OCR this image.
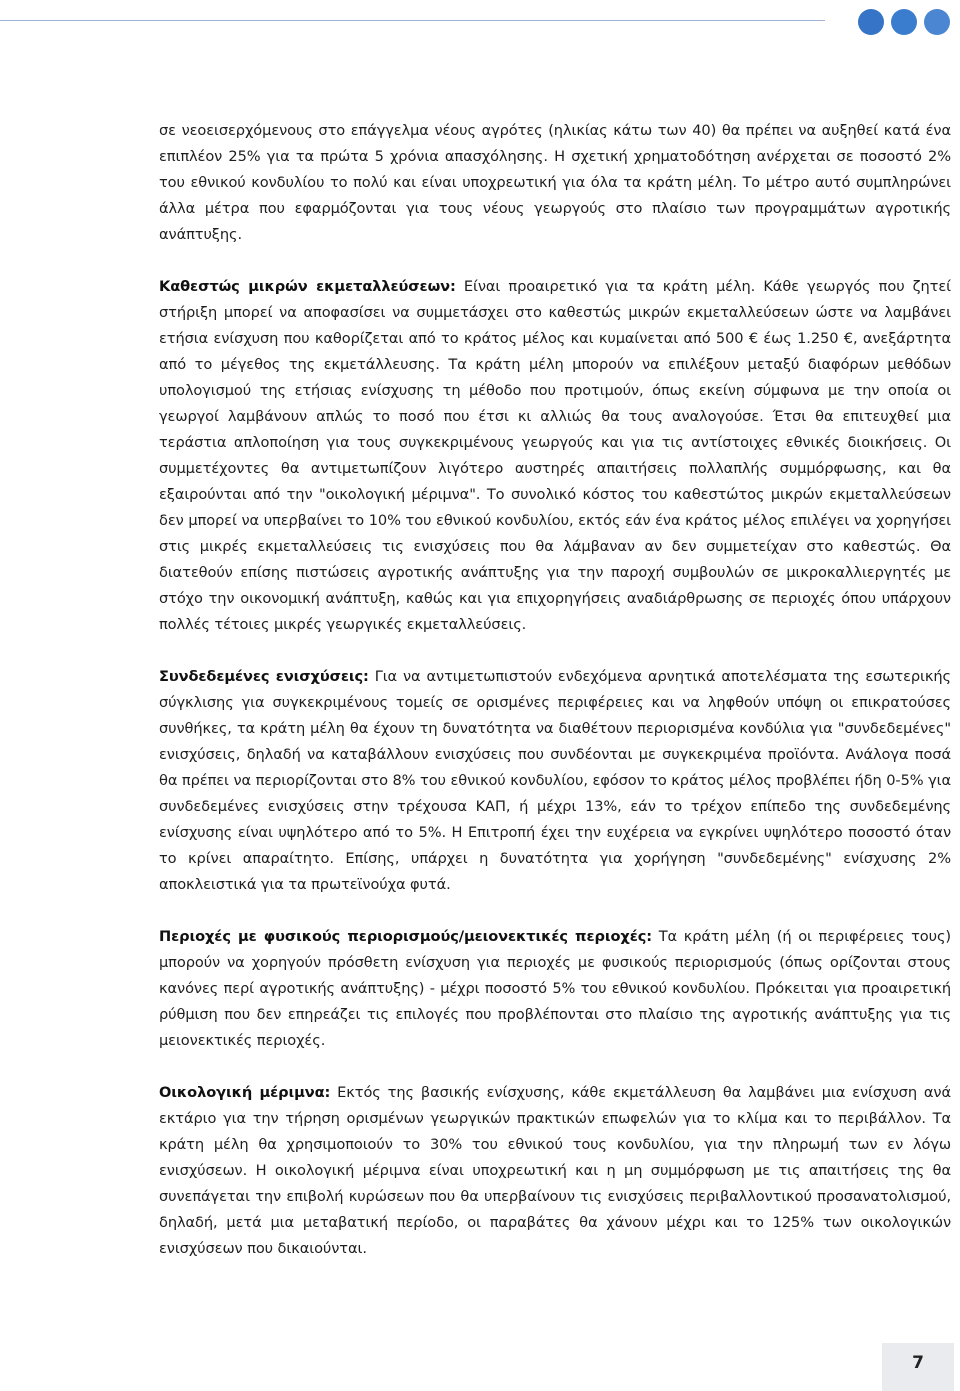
σε νεοεισερχόμενους στο επάγγελμα νέους αγρότες (ηλικίας κάτω των 40) θα πρέπει να αυξηθεί κατά ένα επιπλέον 25% για τα πρώτα 5 χρόνια απασχόλησης. Η σχετική χρηματοδότηση ανέρχεται σε ποσοστό 2% του εθνικού κονδυλίου το πολύ και είναι υποχρεωτική για όλα τα κράτη μέλη. Το μέτρο αυτό συμπληρώνει άλλα μέτρα που εφαρμόζονται για τους νέους γεωργούς στο πλαίσιο των προγραμμάτων αγροτικής ανάπτυξης.

Καθεστώς μικρών εκμεταλλεύσεων: Είναι προαιρετικό για τα κράτη μέλη. Κάθε γεωργός που ζητεί στήριξη μπορεί να αποφασίσει να συμμετάσχει στο καθεστώς μικρών εκμεταλλεύσεων ώστε να λαμβάνει ετήσια ενίσχυση που καθορίζεται από το κράτος μέλος και κυμαίνεται από 500 € έως 1.250 €, ανεξάρτητα από το μέγεθος της εκμετάλλευσης. Τα κράτη μέλη μπορούν να επιλέξουν μεταξύ διαφόρων μεθόδων υπολογισμού της ετήσιας ενίσχυσης τη μέθοδο που προτιμούν, όπως εκείνη σύμφωνα με την οποία οι γεωργοί λαμβάνουν απλώς το ποσό που έτσι κι αλλιώς θα τους αναλογούσε. Έτσι θα επιτευχθεί μια τεράστια απλοποίηση για τους συγκεκριμένους γεωργούς και για τις αντίστοιχες εθνικές διοικήσεις. Οι συμμετέχοντες θα αντιμετωπίζουν λιγότερο αυστηρές απαιτήσεις πολλαπλής συμμόρφωσης, και θα εξαιρούνται από την "οικολογική μέριμνα". Το συνολικό κόστος του καθεστώτος μικρών εκμεταλλεύσεων δεν μπορεί να υπερβαίνει το 10% του εθνικού κονδυλίου, εκτός εάν ένα κράτος μέλος επιλέγει να χορηγήσει στις μικρές εκμεταλλεύσεις τις ενισχύσεις που θα λάμβαναν αν δεν συμμετείχαν στο καθεστώς. Θα διατεθούν επίσης πιστώσεις αγροτικής ανάπτυξης για την παροχή συμβουλών σε μικροκαλλιεργητές με στόχο την οικονομική ανάπτυξη, καθώς και για επιχορηγήσεις αναδιάρθρωσης σε περιοχές όπου υπάρχουν πολλές τέτοιες μικρές γεωργικές εκμεταλλεύσεις.

Συνδεδεμένες ενισχύσεις: Για να αντιμετωπιστούν ενδεχόμενα αρνητικά αποτελέσματα της εσωτερικής σύγκλισης για συγκεκριμένους τομείς σε ορισμένες περιφέρειες και να ληφθούν υπόψη οι επικρατούσες συνθήκες, τα κράτη μέλη θα έχουν τη δυνατότητα να διαθέτουν περιορισμένα κονδύλια για "συνδεδεμένες" ενισχύσεις, δηλαδή να καταβάλλουν ενισχύσεις που συνδέονται με συγκεκριμένα προϊόντα. Ανάλογα ποσά θα πρέπει να περιορίζονται στο 8% του εθνικού κονδυλίου, εφόσον το κράτος μέλος προβλέπει ήδη 0-5% για συνδεδεμένες ενισχύσεις στην τρέχουσα ΚΑΠ, ή μέχρι 13%, εάν το τρέχον επίπεδο της συνδεδεμένης ενίσχυσης είναι υψηλότερο από το 5%. Η Επιτροπή έχει την ευχέρεια να εγκρίνει υψηλότερο ποσοστό όταν το κρίνει απαραίτητο. Επίσης, υπάρχει η δυνατότητα για χορήγηση "συνδεδεμένης" ενίσχυσης 2% αποκλειστικά για τα πρωτεϊνούχα φυτά.

Περιοχές με φυσικούς περιορισμούς/μειονεκτικές περιοχές: Τα κράτη μέλη (ή οι περιφέρειες τους) μπορούν να χορηγούν πρόσθετη ενίσχυση για περιοχές με φυσικούς περιορισμούς (όπως ορίζονται στους κανόνες περί αγροτικής ανάπτυξης) - μέχρι ποσοστό 5% του εθνικού κονδυλίου. Πρόκειται για προαιρετική ρύθμιση που δεν επηρεάζει τις επιλογές που προβλέπονται στο πλαίσιο της αγροτικής ανάπτυξης για τις μειονεκτικές περιοχές.

Οικολογική μέριμνα: Εκτός της βασικής ενίσχυσης, κάθε εκμετάλλευση θα λαμβάνει μια ενίσχυση ανά εκτάριο για την τήρηση ορισμένων γεωργικών πρακτικών επωφελών για το κλίμα και το περιβάλλον. Τα κράτη μέλη θα χρησιμοποιούν το 30% του εθνικού τους κονδυλίου, για την πληρωμή των εν λόγω ενισχύσεων. Η οικολογική μέριμνα είναι υποχρεωτική και η μη συμμόρφωση με τις απαιτήσεις της θα συνεπάγεται την επιβολή κυρώσεων που θα υπερβαίνουν τις ενισχύσεις περιβαλλοντικού προσανατολισμού, δηλαδή, μετά μια μεταβατική περίοδο, οι παραβάτες θα χάνουν μέχρι και το 125% των οικολογικών ενισχύσεων που δικαιούνται.

7
